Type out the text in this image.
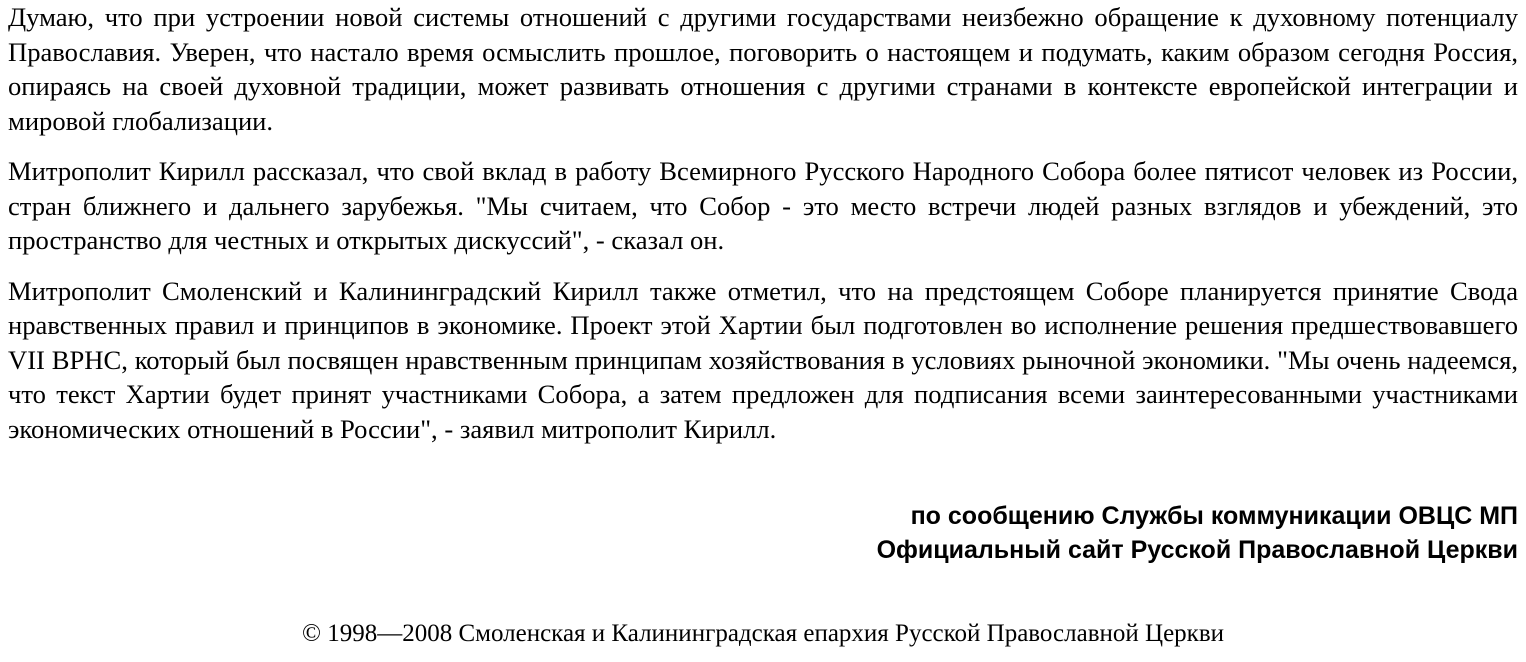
Думаю, что при устроении новой системы отношений с другими государствами неизбежно обращение к духовному потенциалу Православия. Уверен, что настало время осмыслить прошлое, поговорить о настоящем и подумать, каким образом сегодня Россия, опираясь на своей духовной традиции, может развивать отношения с другими странами в контексте европейской интеграции и мировой глобализации.

Митрополит Кирилл рассказал, что свой вклад в работу Всемирного Русского Народного Собора более пятисот человек из России, стран ближнего и дальнего зарубежья. "Мы считаем, что Собор - это место встречи людей разных взглядов и убеждений, это пространство для честных и открытых дискуссий", - сказал он.

Митрополит Смоленский и Калининградский Кирилл также отметил, что на предстоящем Соборе планируется принятие Свода нравственных правил и принципов в экономике. Проект этой Хартии был подготовлен во исполнение решения предшествовавшего VII ВРНС, который был посвящен нравственным принципам хозяйствования в условиях рыночной экономики. "Мы очень надеемся, что текст Хартии будет принят участниками Собора, а затем предложен для подписания всеми заинтересованными участниками экономических отношений в России", - заявил митрополит Кирилл.

по сообщению Службы коммуникации ОВЦС МП
Официальный сайт Русской Православной Церкви
© 1998—2008 Смоленская и Калининградская епархия Русской Православной Церкви
